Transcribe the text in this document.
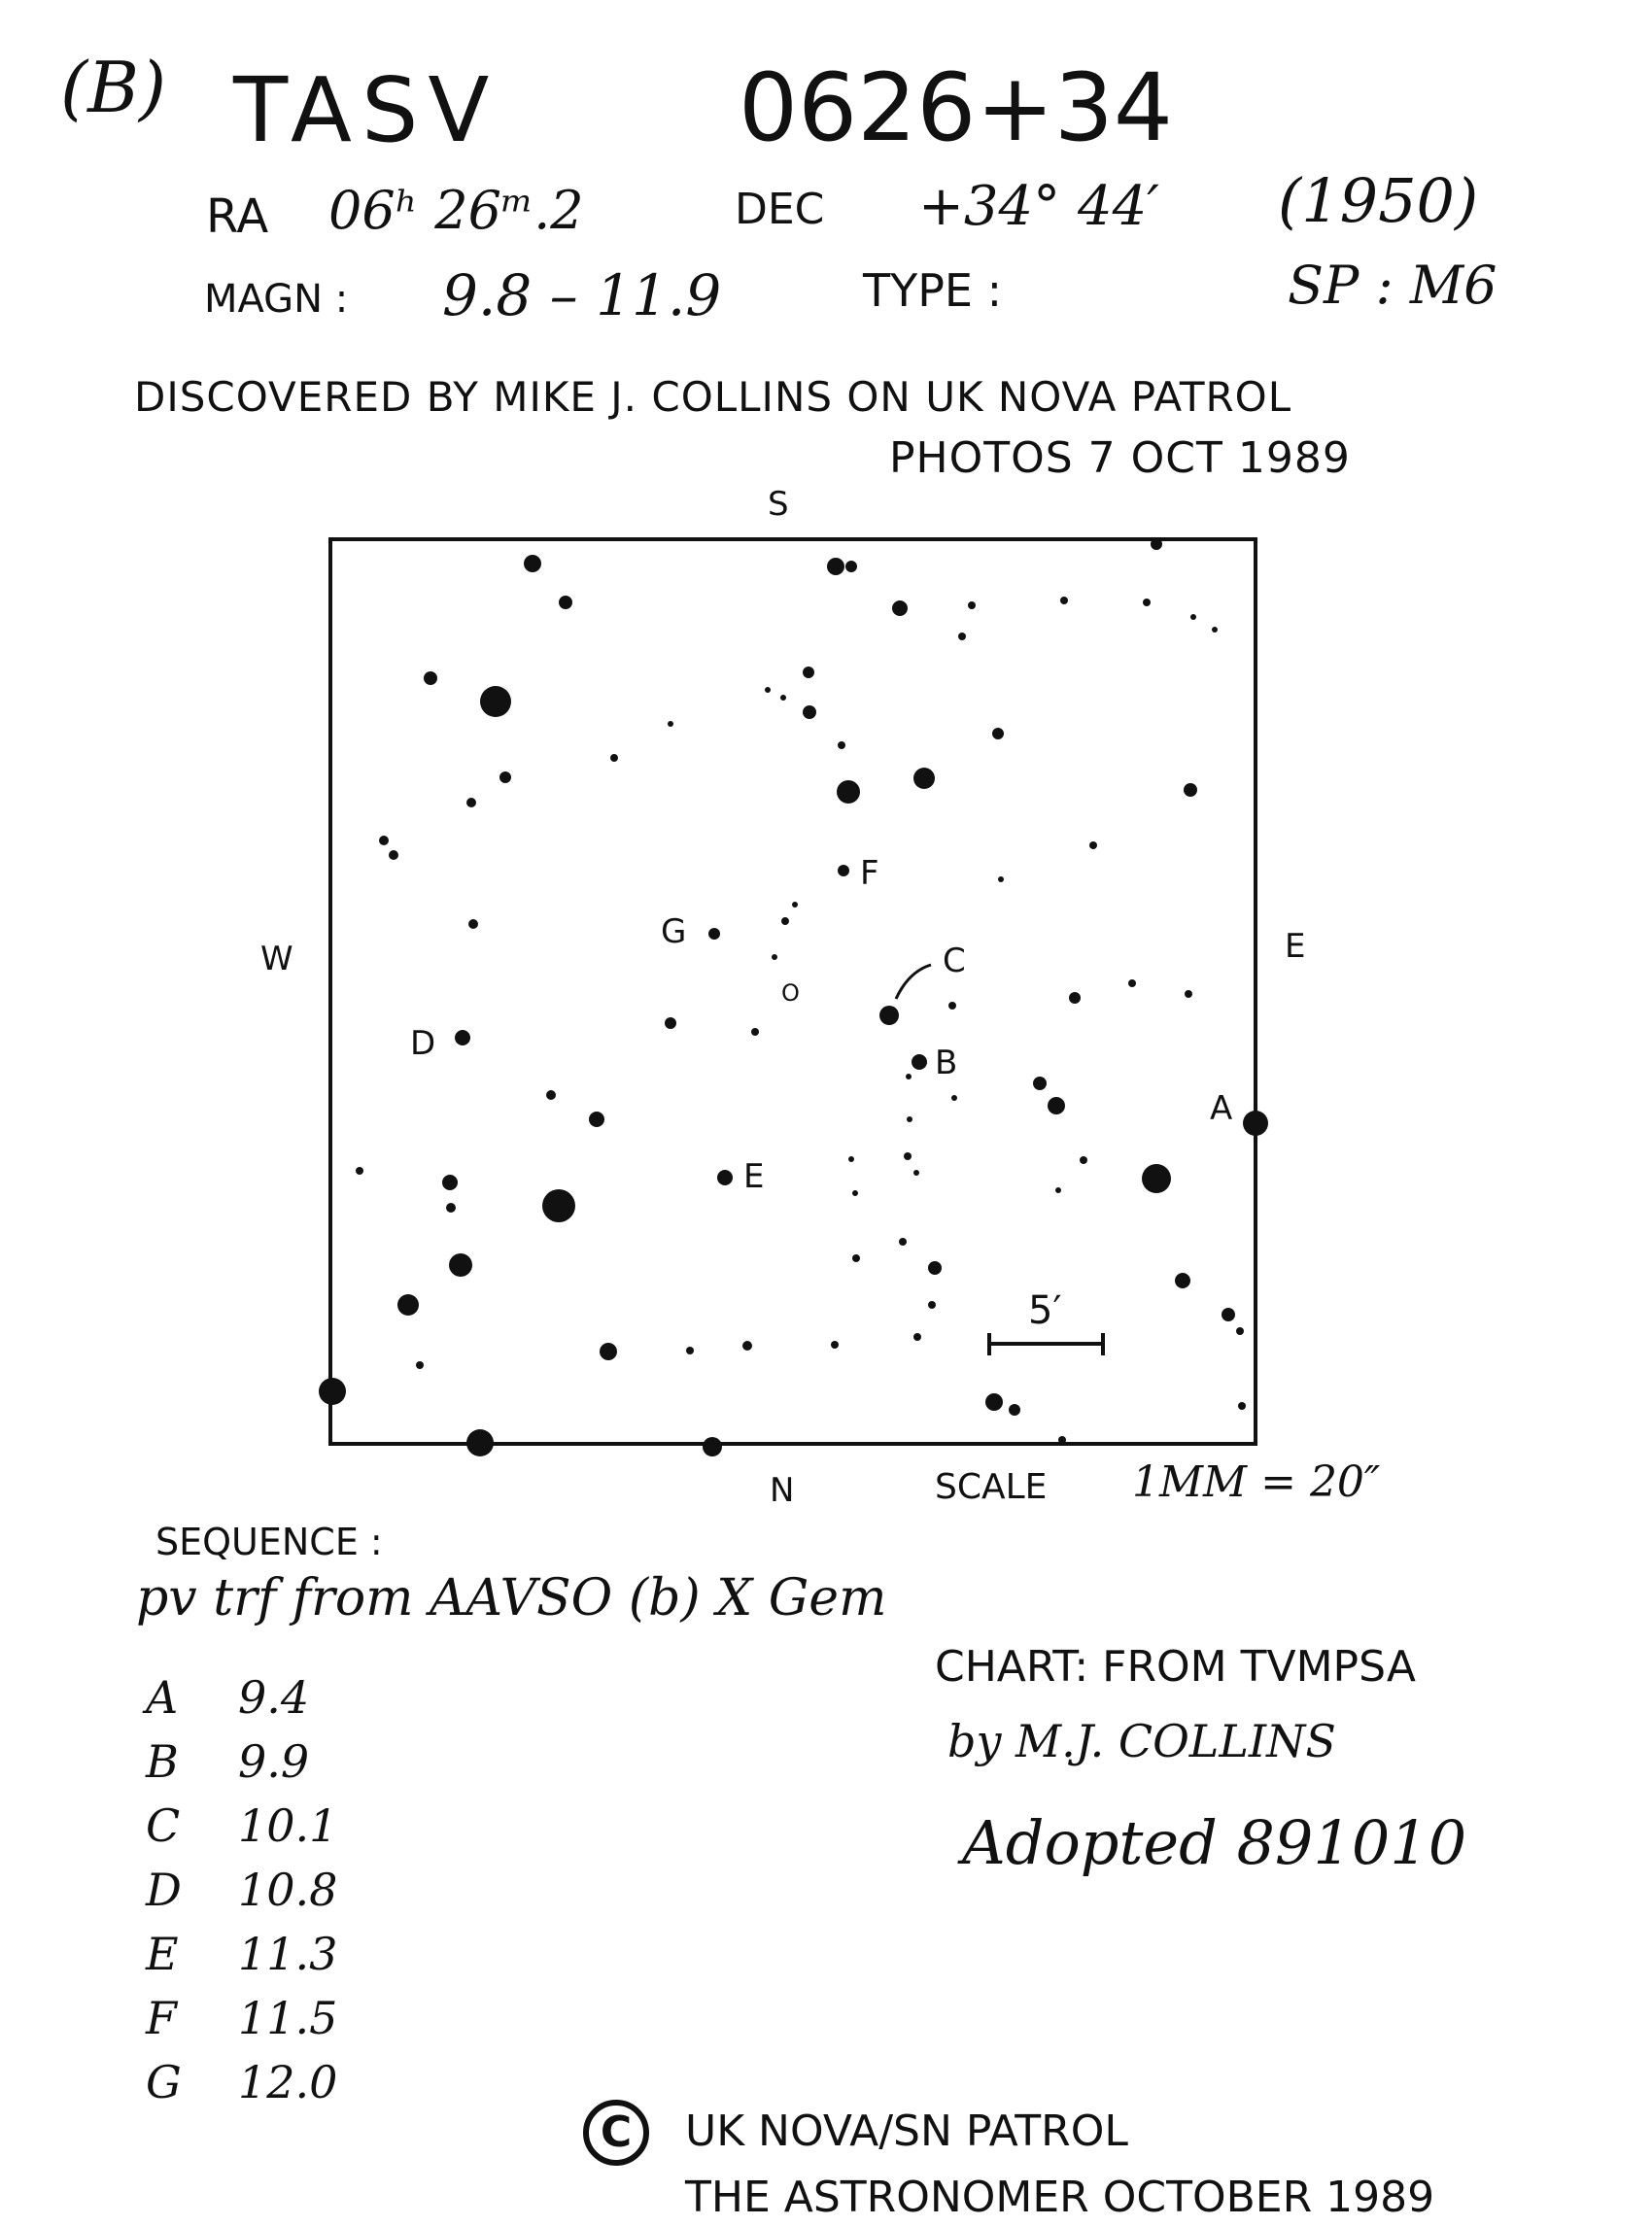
(B) TASV	0626+34
RA 06ʰ 26ᵐ.2	DEC +34° 44′ (1950)
MAGN : 9.8 – 11.9	TYPE :	SP : M6
DISCOVERED BY MIKE J. COLLINS ON UK NOVA PATROL
PHOTOS 7 OCT 1989
S
N
W	E
5′
A
B
C
D
E
F
G
O
SCALE 1MM = 20″
SEQUENCE :
pv trf from AAVSO (b) X Gem
A 9.4
B 9.9
C 10.1
D 10.8
E 11.3
F 11.5
G 12.0
CHART: FROM TVMPSA
by M.J. COLLINS
Adopted 891010
C	UK NOVA/SN PATROL
THE ASTRONOMER OCTOBER 1989
